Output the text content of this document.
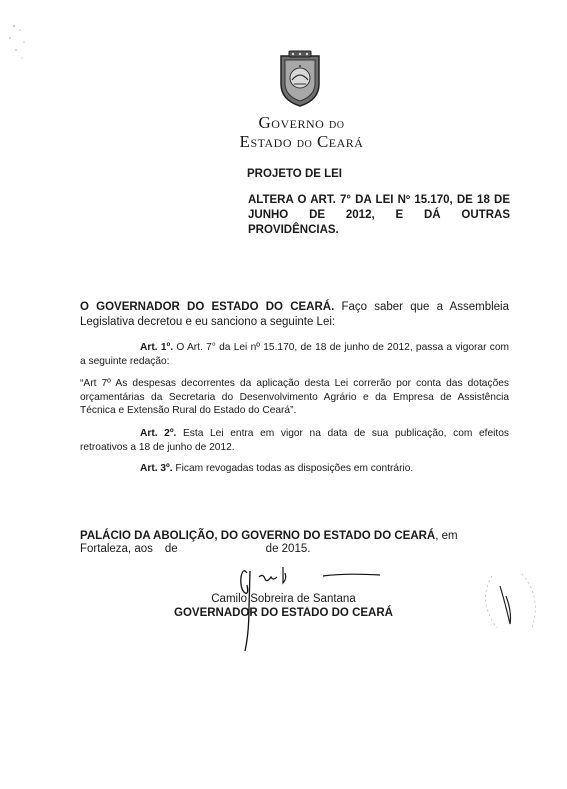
Governo do
Estado do Ceará
PROJETO DE LEI
ALTERA O ART. 7° DA LEI Nº 15.170, DE 18 DE JUNHO DE 2012, E DÁ OUTRAS PROVIDÊNCIAS.
O GOVERNADOR DO ESTADO DO CEARÁ. Faço saber que a Assembleia Legislativa decretou e eu sanciono a seguinte Lei:
Art. 1º. O Art. 7° da Lei nº 15.170, de 18 de junho de 2012, passa a vigorar com a seguinte redação:
“Art 7º As despesas decorrentes da aplicação desta Lei correrão por conta das dotações orçamentárias da Secretaria do Desenvolvimento Agrário e da Empresa de Assistência Técnica e Extensão Rural do Estado do Ceará”.
Art. 2º. Esta Lei entra em vigor na data de sua publicação, com efeitos retroativos a 18 de junho de 2012.
Art. 3º. Ficam revogadas todas as disposições em contrário.
PALÁCIO DA ABOLIÇÃO, DO GOVERNO DO ESTADO DO CEARÁ, em
Fortaleza, aos de	de 2015.
Camilo Sobreira de Santana
GOVERNADOR DO ESTADO DO CEARÁ
